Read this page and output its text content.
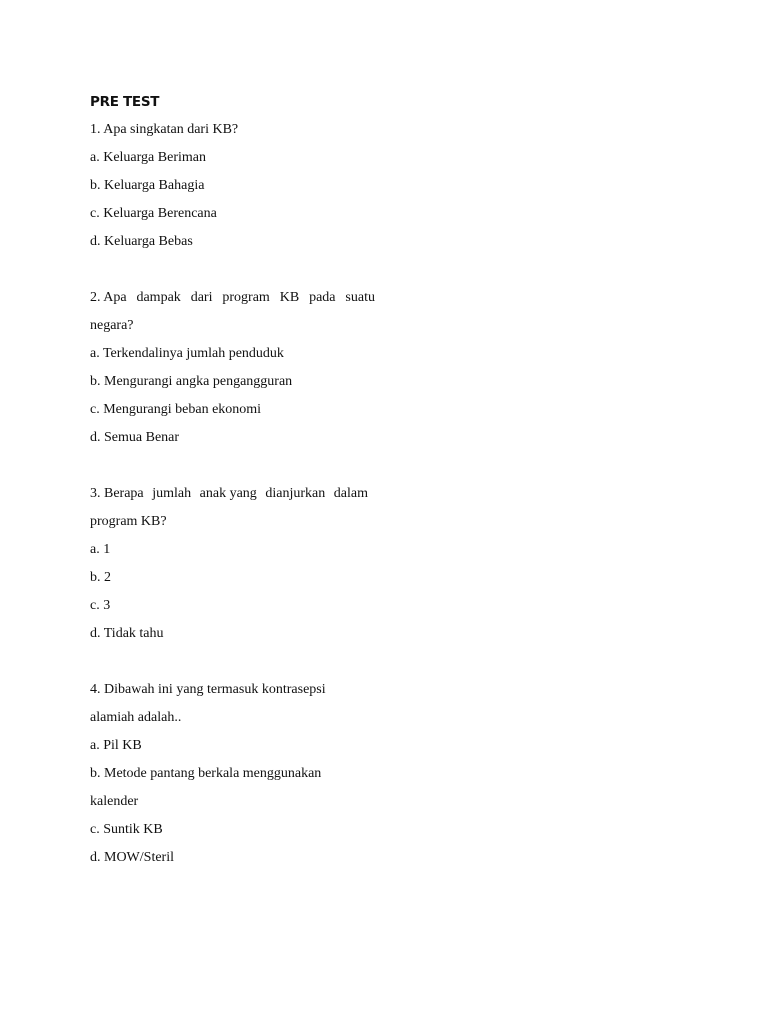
PRE TEST
1. Apa singkatan dari KB?
a. Keluarga Beriman
b. Keluarga Bahagia
c. Keluarga Berencana
d. Keluarga Bebas
2. Apa dampak dari program KB pada suatu
negara?
a. Terkendalinya jumlah penduduk
b. Mengurangi angka pengangguran
c. Mengurangi beban ekonomi
d. Semua Benar
3. Berapa jumlah anak yang dianjurkan dalam
program KB?
a. 1
b. 2
c. 3
d. Tidak tahu
4. Dibawah ini yang termasuk kontrasepsi
alamiah adalah..
a. Pil KB
b. Metode pantang berkala menggunakan
kalender
c. Suntik KB
d. MOW/Steril
